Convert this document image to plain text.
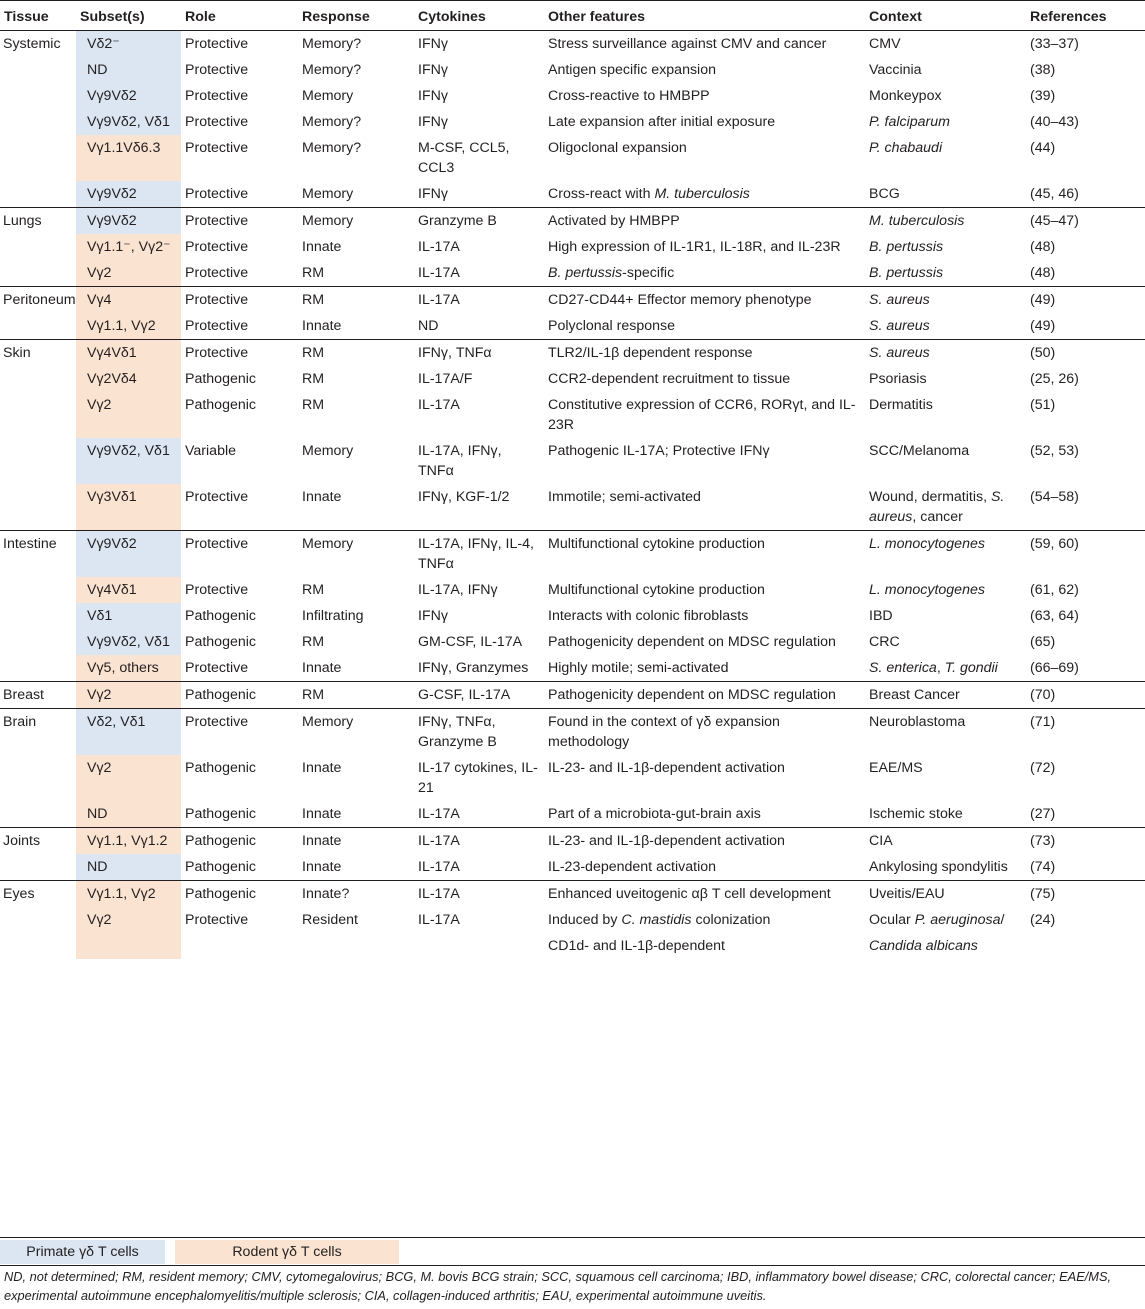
Tissue	Subset(s)	Role	Response	Cytokines	Other features	Context	References
Systemic	Vδ2⁻	Protective	Memory?	IFNγ	Stress surveillance against CMV and cancer	CMV	(33–37)
	ND	Protective	Memory?	IFNγ	Antigen specific expansion	Vaccinia	(38)
	Vγ9Vδ2	Protective	Memory	IFNγ	Cross-reactive to HMBPP	Monkeypox	(39)
	Vγ9Vδ2, Vδ1	Protective	Memory?	IFNγ	Late expansion after initial exposure	P. falciparum	(40–43)
	Vγ1.1Vδ6.3	Protective	Memory?	M-CSF, CCL5, CCL3	Oligoclonal expansion	P. chabaudi	(44)
	Vγ9Vδ2	Protective	Memory	IFNγ	Cross-react with M. tuberculosis	BCG	(45, 46)
Lungs	Vγ9Vδ2	Protective	Memory	Granzyme B	Activated by HMBPP	M. tuberculosis	(45–47)
	Vγ1.1⁻, Vγ2⁻	Protective	Innate	IL-17A	High expression of IL-1R1, IL-18R, and IL-23R	B. pertussis	(48)
	Vγ2	Protective	RM	IL-17A	B. pertussis-specific	B. pertussis	(48)
Peritoneum	Vγ4	Protective	RM	IL-17A	CD27-CD44+ Effector memory phenotype	S. aureus	(49)
	Vγ1.1, Vγ2	Protective	Innate	ND	Polyclonal response	S. aureus	(49)
Skin	Vγ4Vδ1	Protective	RM	IFNγ, TNFα	TLR2/IL-1β dependent response	S. aureus	(50)
	Vγ2Vδ4	Pathogenic	RM	IL-17A/F	CCR2-dependent recruitment to tissue	Psoriasis	(25, 26)
	Vγ2	Pathogenic	RM	IL-17A	Constitutive expression of CCR6, RORγt, and IL-23R	Dermatitis	(51)
	Vγ9Vδ2, Vδ1	Variable	Memory	IL-17A, IFNγ, TNFα	Pathogenic IL-17A; Protective IFNγ	SCC/Melanoma	(52, 53)
	Vγ3Vδ1	Protective	Innate	IFNγ, KGF-1/2	Immotile; semi-activated	Wound, dermatitis, S. aureus, cancer	(54–58)
Intestine	Vγ9Vδ2	Protective	Memory	IL-17A, IFNγ, IL-4, TNFα	Multifunctional cytokine production	L. monocytogenes	(59, 60)
	Vγ4Vδ1	Protective	RM	IL-17A, IFNγ	Multifunctional cytokine production	L. monocytogenes	(61, 62)
	Vδ1	Pathogenic	Infiltrating	IFNγ	Interacts with colonic fibroblasts	IBD	(63, 64)
	Vγ9Vδ2, Vδ1	Pathogenic	RM	GM-CSF, IL-17A	Pathogenicity dependent on MDSC regulation	CRC	(65)
	Vγ5, others	Protective	Innate	IFNγ, Granzymes	Highly motile; semi-activated	S. enterica, T. gondii	(66–69)
Breast	Vγ2	Pathogenic	RM	G-CSF, IL-17A	Pathogenicity dependent on MDSC regulation	Breast Cancer	(70)
Brain	Vδ2, Vδ1	Protective	Memory	IFNγ, TNFα, Granzyme B	Found in the context of γδ expansion methodology	Neuroblastoma	(71)
	Vγ2	Pathogenic	Innate	IL-17 cytokines, IL-21	IL-23- and IL-1β-dependent activation	EAE/MS	(72)
	ND	Pathogenic	Innate	IL-17A	Part of a microbiota-gut-brain axis	Ischemic stoke	(27)
Joints	Vγ1.1, Vγ1.2	Pathogenic	Innate	IL-17A	IL-23- and IL-1β-dependent activation	CIA	(73)
	ND	Pathogenic	Innate	IL-17A	IL-23-dependent activation	Ankylosing spondylitis	(74)
Eyes	Vγ1.1, Vγ2	Pathogenic	Innate?	IL-17A	Enhanced uveitogenic αβ T cell development	Uveitis/EAU	(75)
	Vγ2	Protective	Resident	IL-17A	Induced by C. mastidis colonization	Ocular P. aeruginosa/	(24)
					CD1d- and IL-1β-dependent	Candida albicans	
Primate γδ T cells	Rodent γδ T cells
ND, not determined; RM, resident memory; CMV, cytomegalovirus; BCG, M. bovis BCG strain; SCC, squamous cell carcinoma; IBD, inflammatory bowel disease; CRC, colorectal cancer; EAE/MS, experimental autoimmune encephalomyelitis/multiple sclerosis; CIA, collagen-induced arthritis; EAU, experimental autoimmune uveitis.
